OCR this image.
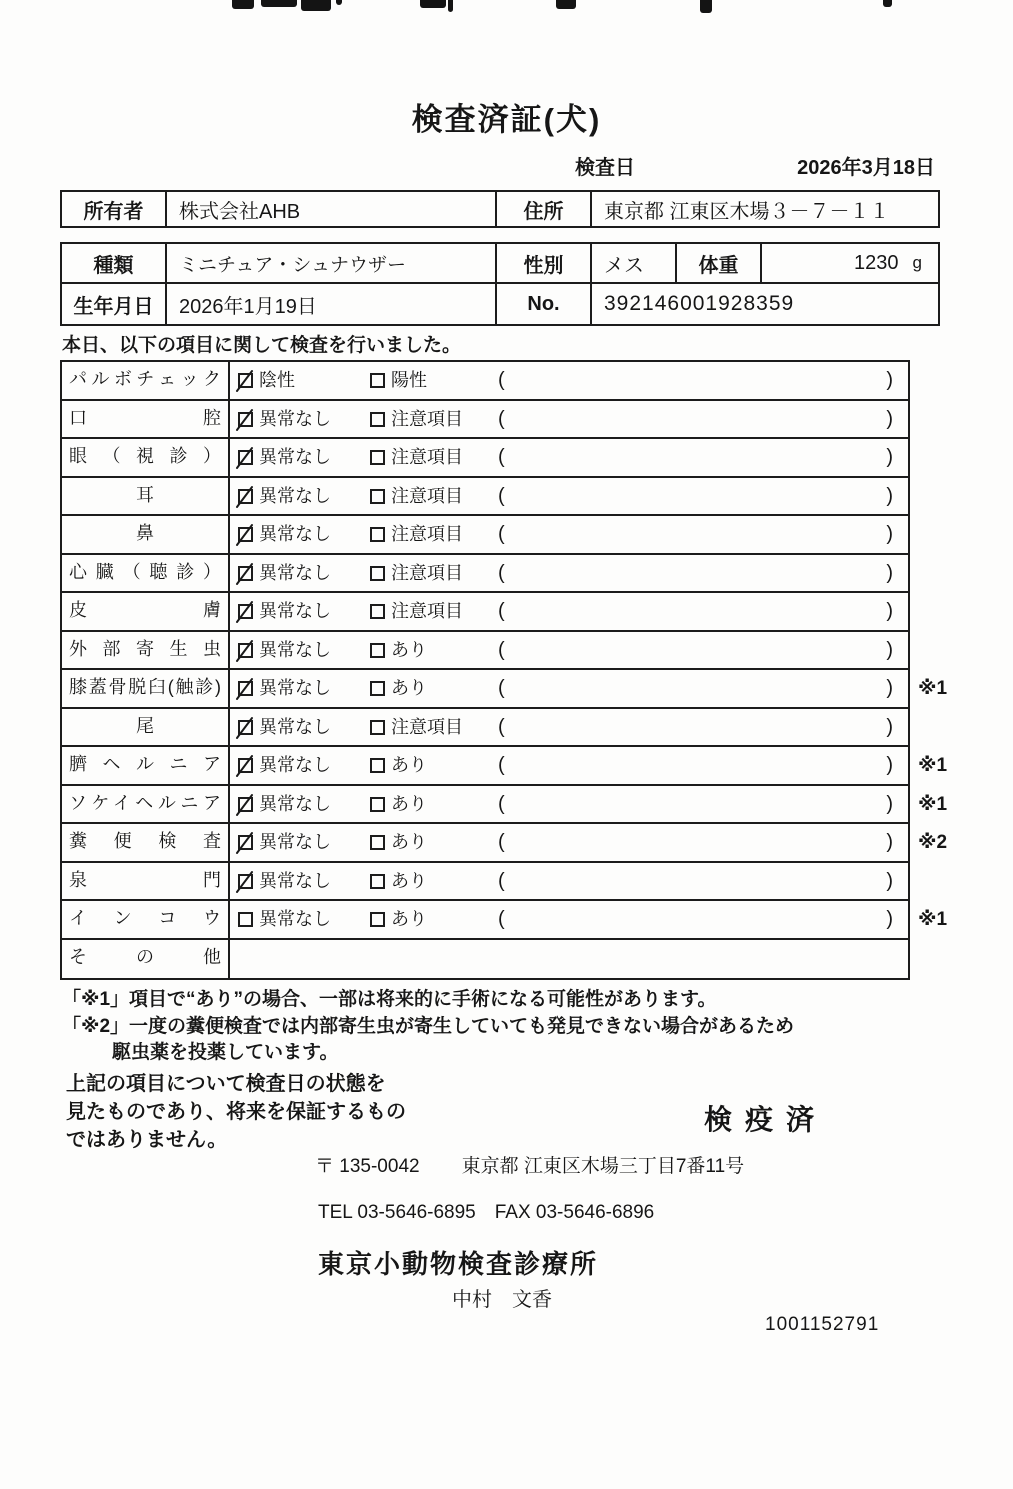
検査済証(犬)
検査日	2026年3月18日
所有者	株式会社AHB	住所	東京都 江東区木場３－７－１１
種類	ミニチュア・シュナウザー	性別	メス	体重	1230 g
生年月日	2026年1月19日	No.	392146001928359
本日、以下の項目に関して検査を行いました。
パルボチェック	陰性	陽性	(	)
口腔	異常なし	注意項目 (	)
眼（視診）	異常なし	注意項目 (	)
耳	異常なし	注意項目 (	)
鼻	異常なし	注意項目 (	)
心臓（聴診）	異常なし	注意項目 (	)
皮膚	異常なし	注意項目 (	)
外部寄生虫	異常なし	あり	(	)
膝蓋骨脱臼(触診)	異常なし	あり	(	) ※1
尾	異常なし	注意項目 (	)
臍ヘルニア	異常なし	あり	(	) ※1
ソケイヘルニア	異常なし	あり	(	) ※1
糞便検査	異常なし	あり	(	) ※2
泉門	異常なし	あり	(	)
インコウ	異常なし	あり	(	) ※1
その他
「※1」項目で“あり”の場合、一部は将来的に手術になる可能性があります。
「※2」一度の糞便検査では内部寄生虫が寄生していても発見できない場合があるため
駆虫薬を投薬しています。
上記の項目について検査日の状態を
見たものであり、将来を保証するもの
ではありません。
検疫済
〒 135-0042 東京都 江東区木場三丁目7番11号
TEL 03-5646-6895　FAX 03-5646-6896
東京小動物検査診療所
中村　文香
1001152791
